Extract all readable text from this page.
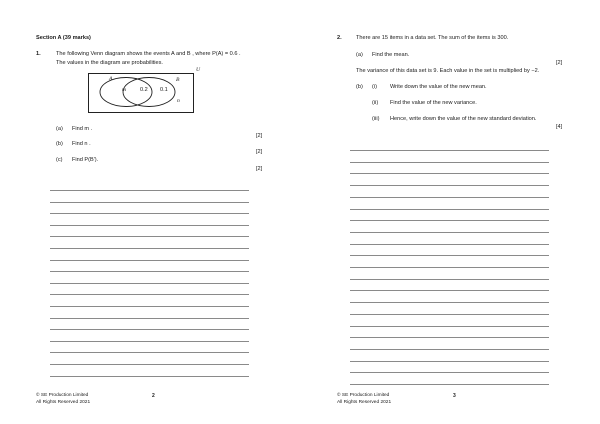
Section A (39 marks)
1.	The following Venn diagram shows the events A and B , where P(A) = 0.6 .
The values in the diagram are probabilities.
A	B
m 0.2 0.1
n
U
(a) Find m .
[2]
(b) Find n .
[2]
(c) Find P(B′).
[2]
© SE Production Limited
All Rights Reserved 2021
2
2.	There are 15 items in a data set. The sum of the items is 300.
(a) Find the mean.
[2]
The variance of this data set is 9. Each value in the set is multiplied by −2.
(b) (i) Write down the value of the new mean.
(ii) Find the value of the new variance.
(iii) Hence, write down the value of the new standard deviation.
[4]
© SE Production Limited
All Rights Reserved 2021
3
